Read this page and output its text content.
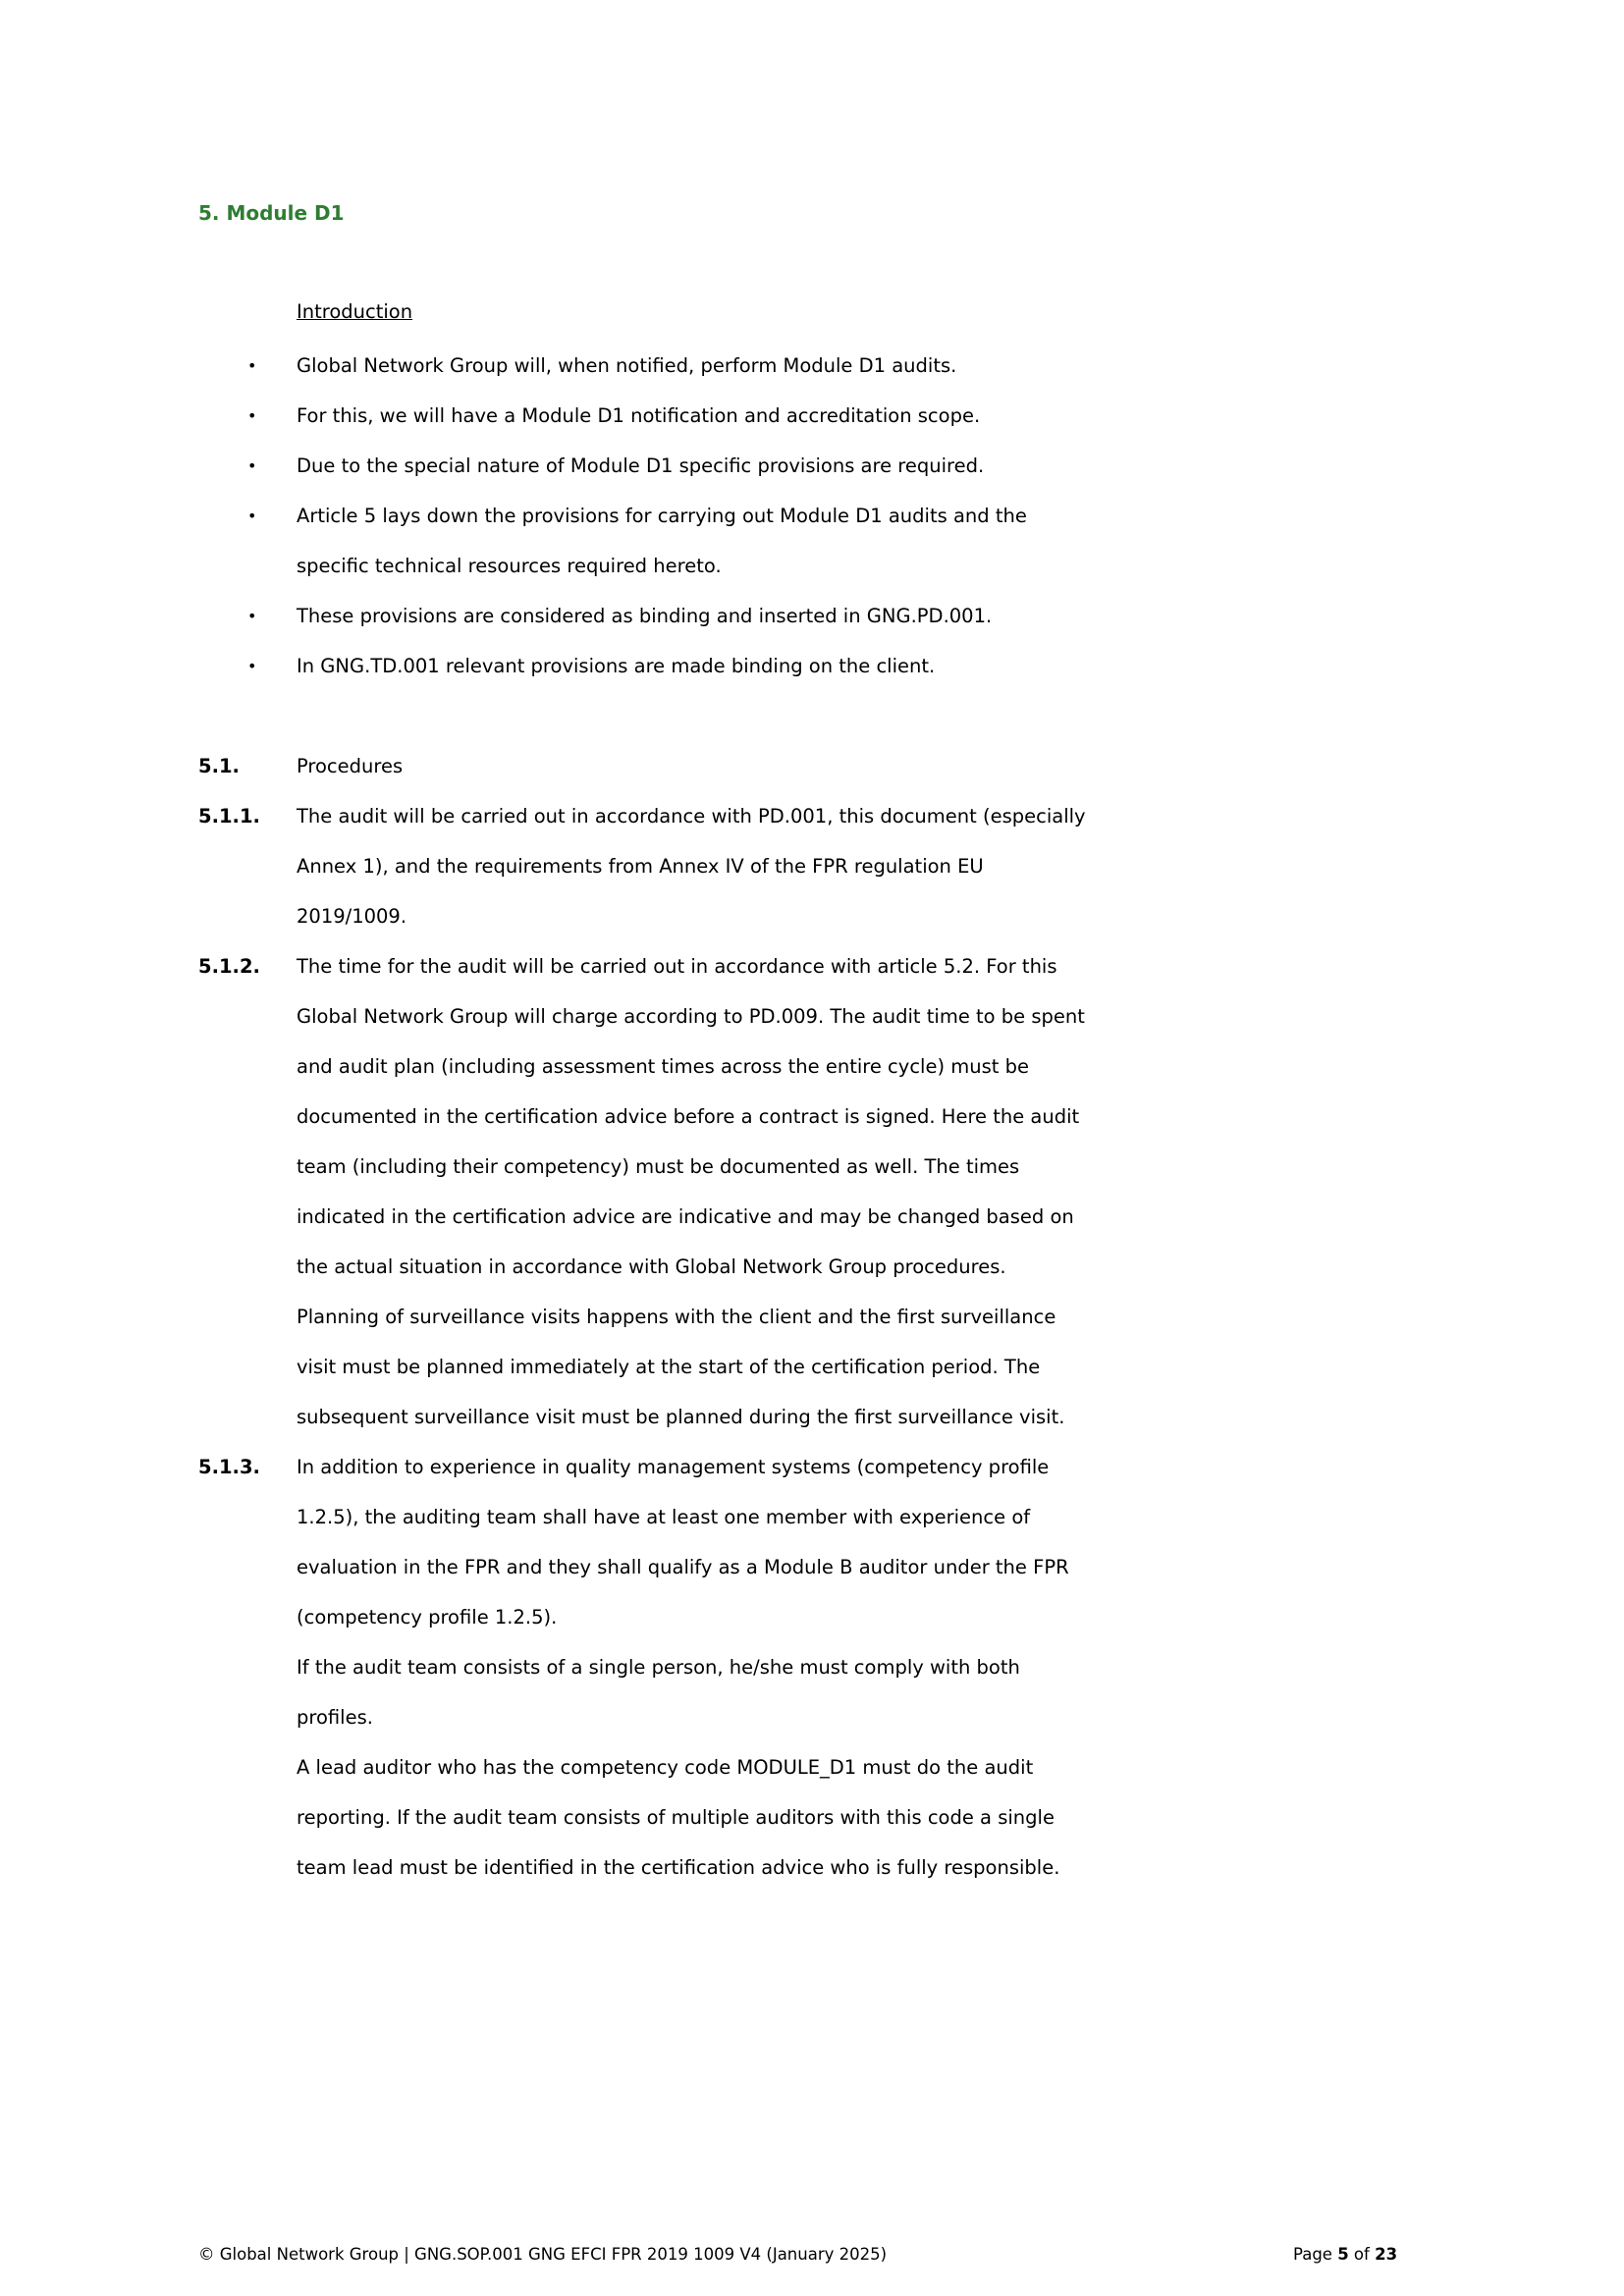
5. Module D1
Introduction
•	Global Network Group will, when notified, perform Module D1 audits.
•	For this, we will have a Module D1 notification and accreditation scope.
•	Due to the special nature of Module D1 specific provisions are required.
•	Article 5 lays down the provisions for carrying out Module D1 audits and the
specific technical resources required hereto.
•	These provisions are considered as binding and inserted in GNG.PD.001.
•	In GNG.TD.001 relevant provisions are made binding on the client.
5.1.	Procedures
5.1.1.	The audit will be carried out in accordance with PD.001, this document (especially
Annex 1), and the requirements from Annex IV of the FPR regulation EU
2019/1009.
5.1.2.	The time for the audit will be carried out in accordance with article 5.2. For this
Global Network Group will charge according to PD.009. The audit time to be spent
and audit plan (including assessment times across the entire cycle) must be
documented in the certification advice before a contract is signed. Here the audit
team (including their competency) must be documented as well. The times
indicated in the certification advice are indicative and may be changed based on
the actual situation in accordance with Global Network Group procedures.
Planning of surveillance visits happens with the client and the first surveillance
visit must be planned immediately at the start of the certification period. The
subsequent surveillance visit must be planned during the first surveillance visit.
5.1.3.	In addition to experience in quality management systems (competency profile
1.2.5), the auditing team shall have at least one member with experience of
evaluation in the FPR and they shall qualify as a Module B auditor under the FPR
(competency profile 1.2.5).
If the audit team consists of a single person, he/she must comply with both
profiles.
A lead auditor who has the competency code MODULE_D1 must do the audit
reporting. If the audit team consists of multiple auditors with this code a single
team lead must be identified in the certification advice who is fully responsible.
© Global Network Group | GNG.SOP.001 GNG EFCI FPR 2019 1009 V4 (January 2025)	Page 5 of 23
